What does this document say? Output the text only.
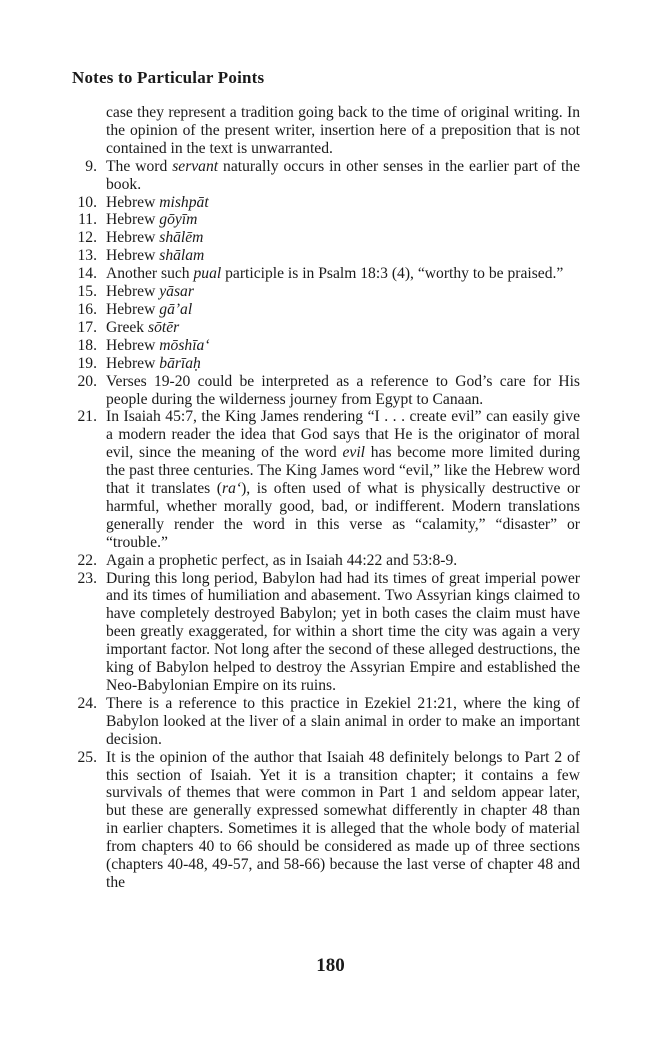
Notes to Particular Points
case they represent a tradition going back to the time of original writing. In the opinion of the present writer, insertion here of a preposition that is not contained in the text is unwarranted.
9. The word servant naturally occurs in other senses in the earlier part of the book.
10. Hebrew mishpāt
11. Hebrew gōyīm
12. Hebrew shālēm
13. Hebrew shālam
14. Another such pual participle is in Psalm 18:3 (4), “worthy to be praised.”
15. Hebrew yāsar
16. Hebrew gā’al
17. Greek sōtēr
18. Hebrew mōshīa‘
19. Hebrew bārīaḥ
20. Verses 19-20 could be interpreted as a reference to God’s care for His people during the wilderness journey from Egypt to Canaan.
21. In Isaiah 45:7, the King James rendering “I . . . create evil” can easily give a modern reader the idea that God says that He is the originator of moral evil, since the meaning of the word evil has become more limited during the past three centuries. The King James word “evil,” like the Hebrew word that it translates (ra‘), is often used of what is physically destructive or harmful, whether morally good, bad, or indifferent. Modern translations generally render the word in this verse as “calamity,” “disaster” or “trouble.”
22. Again a prophetic perfect, as in Isaiah 44:22 and 53:8-9.
23. During this long period, Babylon had had its times of great imperial power and its times of humiliation and abasement. Two Assyrian kings claimed to have completely destroyed Babylon; yet in both cases the claim must have been greatly exaggerated, for within a short time the city was again a very important factor. Not long after the second of these alleged destructions, the king of Babylon helped to destroy the Assyrian Empire and established the Neo-Babylonian Empire on its ruins.
24. There is a reference to this practice in Ezekiel 21:21, where the king of Babylon looked at the liver of a slain animal in order to make an important decision.
25. It is the opinion of the author that Isaiah 48 definitely belongs to Part 2 of this section of Isaiah. Yet it is a transition chapter; it contains a few survivals of themes that were common in Part 1 and seldom appear later, but these are generally expressed somewhat differently in chapter 48 than in earlier chapters. Sometimes it is alleged that the whole body of material from chapters 40 to 66 should be considered as made up of three sections (chapters 40-48, 49-57, and 58-66) because the last verse of chapter 48 and the
180
